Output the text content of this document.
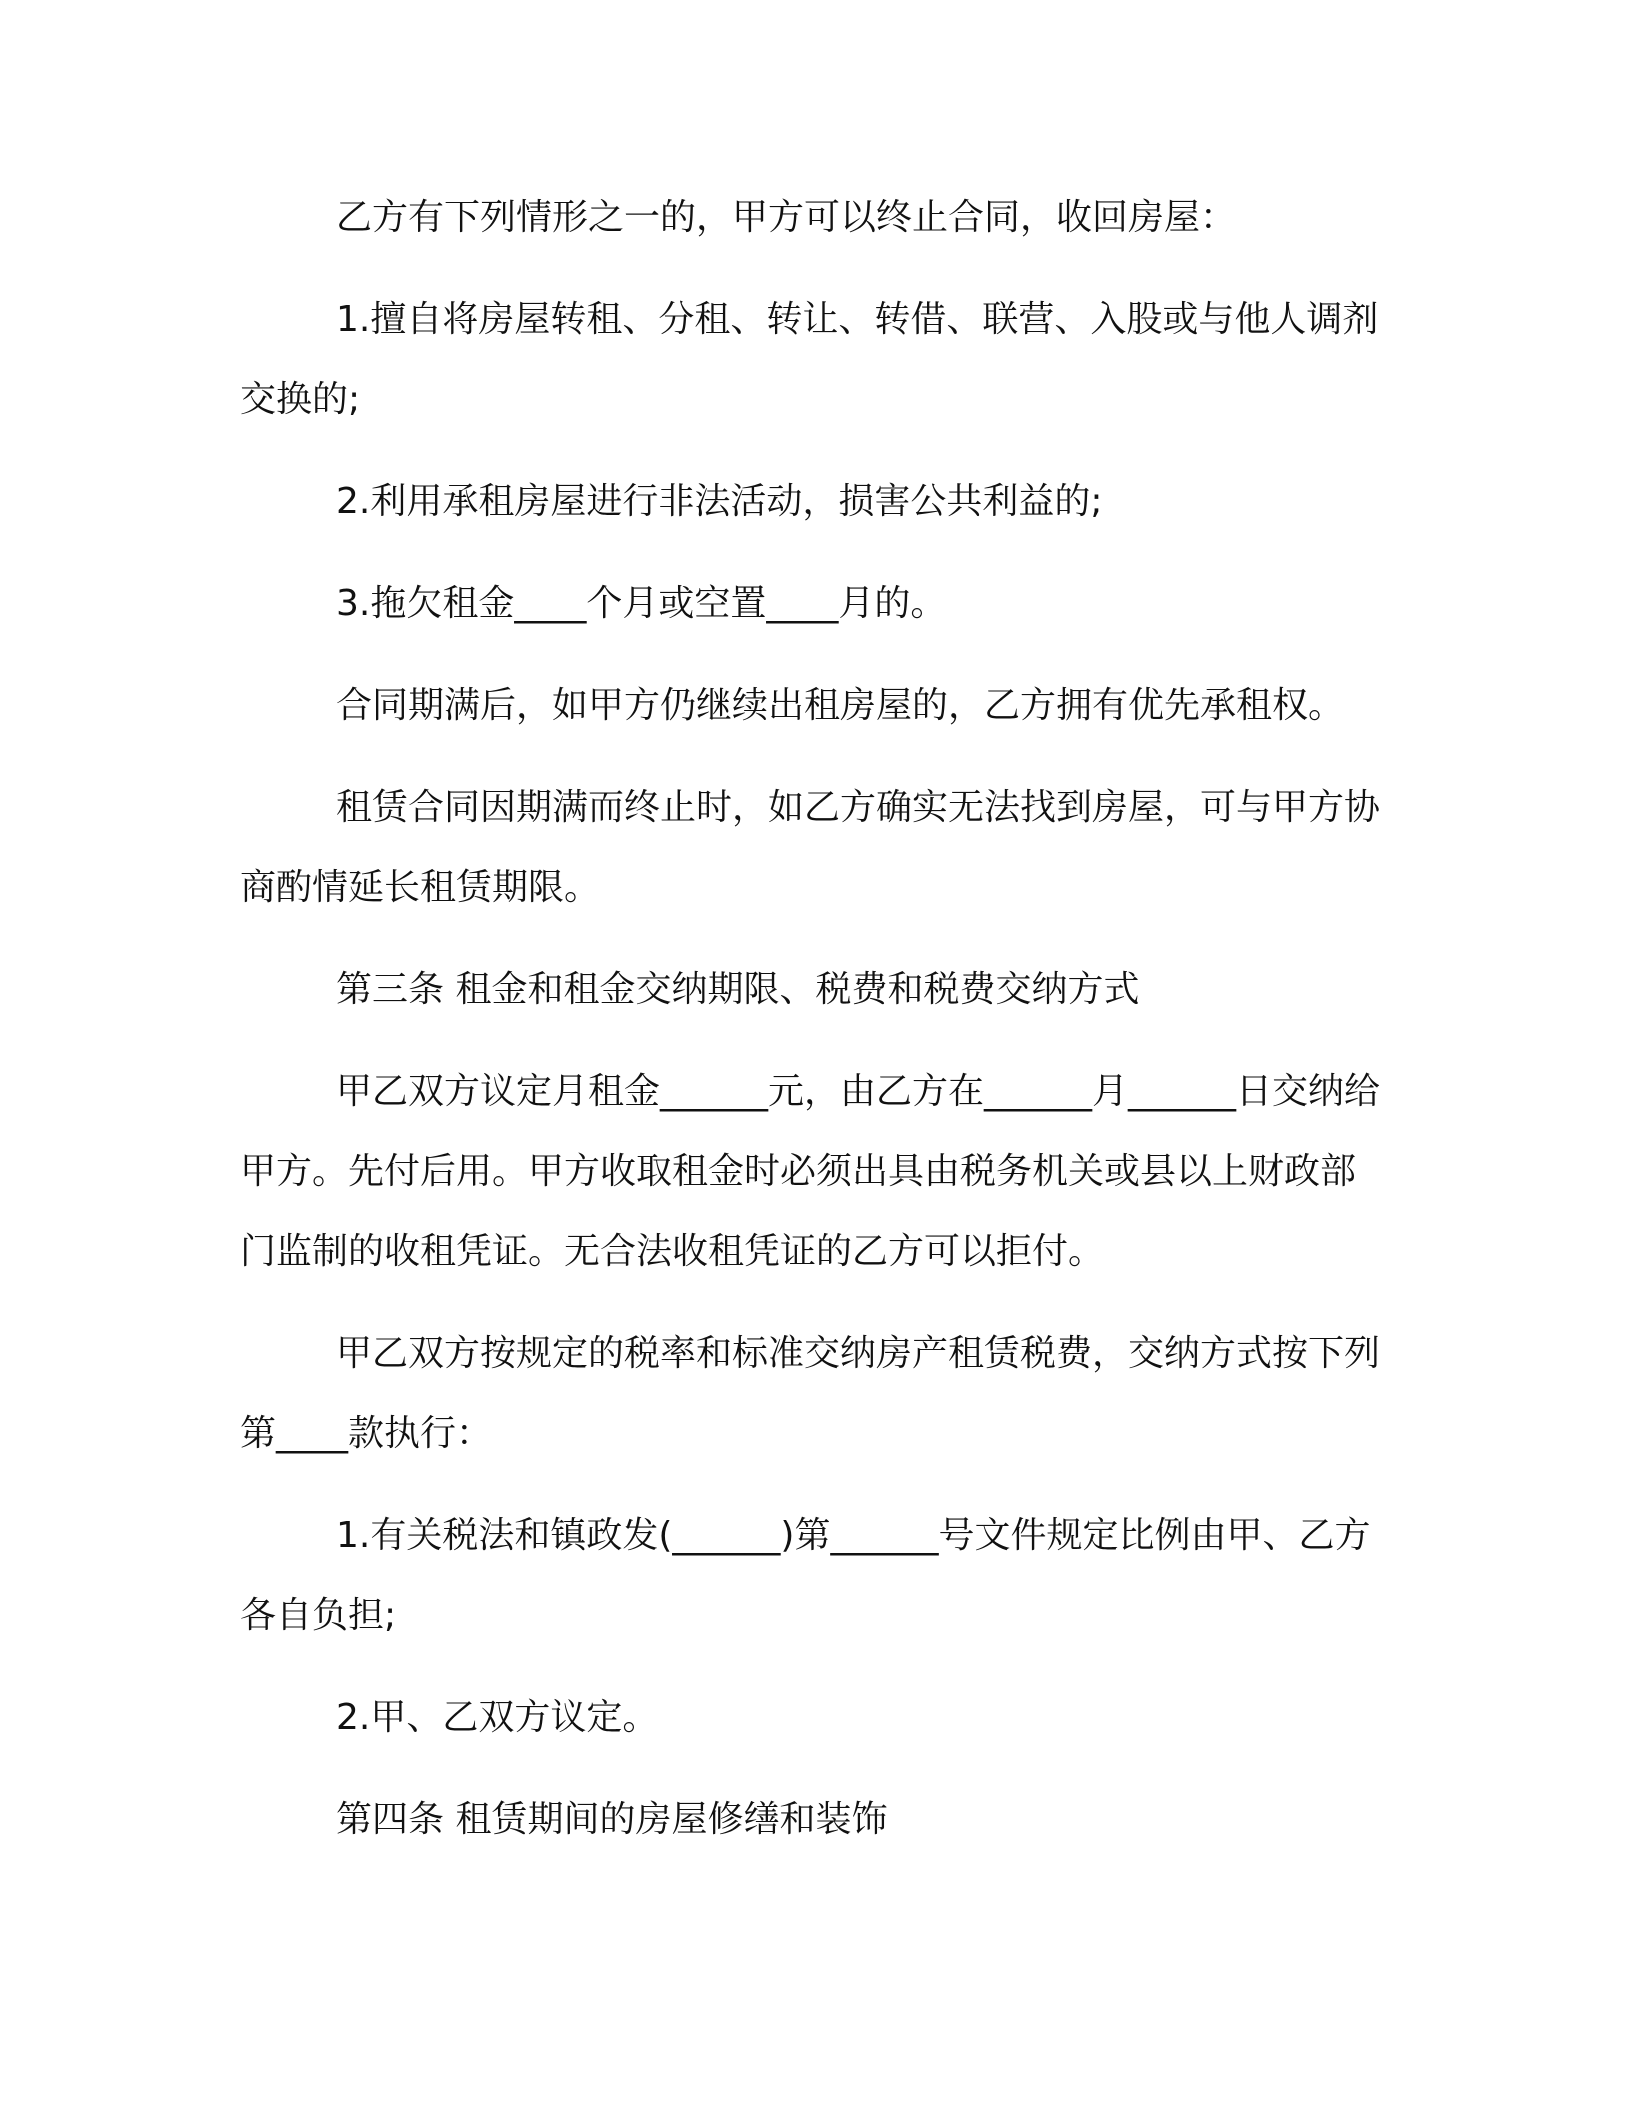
乙方有下列情形之一的，甲方可以终止合同，收回房屋：

1.擅自将房屋转租、分租、转让、转借、联营、入股或与他人调剂交换的;

2.利用承租房屋进行非法活动，损害公共利益的;

3.拖欠租金____个月或空置____月的。

合同期满后，如甲方仍继续出租房屋的，乙方拥有优先承租权。

租赁合同因期满而终止时，如乙方确实无法找到房屋，可与甲方协商酌情延长租赁期限。

第三条 租金和租金交纳期限、税费和税费交纳方式

甲乙双方议定月租金______元，由乙方在______月______日交纳给甲方。先付后用。甲方收取租金时必须出具由税务机关或县以上财政部门监制的收租凭证。无合法收租凭证的乙方可以拒付。

甲乙双方按规定的税率和标准交纳房产租赁税费，交纳方式按下列第____款执行：

1.有关税法和镇政发(______)第______号文件规定比例由甲、乙方各自负担;

2.甲、乙双方议定。

第四条 租赁期间的房屋修缮和装饰
